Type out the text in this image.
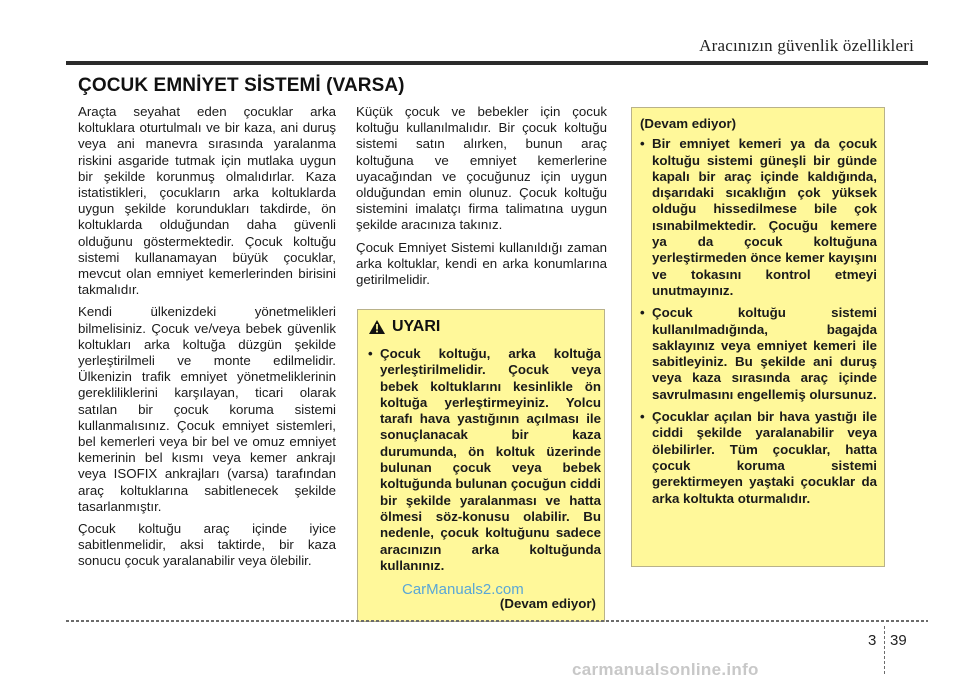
Aracınızın güvenlik özellikleri
ÇOCUK EMNİYET SİSTEMİ (VARSA)

Araçta seyahat eden çocuklar arka koltuklara oturtulmalı ve bir kaza, ani duruş veya ani manevra sırasında yaralanma riskini asgaride tutmak için mutlaka uygun bir şekilde korunmuş olmalıdırlar. Kaza istatistikleri, çocukların arka koltuklarda uygun şekilde korundukları takdirde, ön koltuklarda olduğundan daha güvenli olduğunu göstermektedir. Çocuk koltuğu sistemi kullanamayan büyük çocuklar, mevcut olan emniyet kemerlerinden birisini takmalıdır.

Kendi ülkenizdeki yönetmelikleri bilmelisiniz. Çocuk ve/veya bebek güvenlik koltukları arka koltuğa düzgün şekilde yerleştirilmeli ve monte edilmelidir. Ülkenizin trafik emniyet yönetmeliklerinin gerekliliklerini karşılayan, ticari olarak satılan bir çocuk koruma sistemi kullanmalısınız. Çocuk emniyet sistemleri, bel kemerleri veya bir bel ve omuz emniyet kemerinin bel kısmı veya kemer ankrajı veya ISOFIX ankrajları (varsa) tarafından araç koltuklarına sabitlenecek şekilde tasarlanmıştır.

Çocuk koltuğu araç içinde iyice sabitlenmelidir, aksi taktirde, bir kaza sonucu çocuk yaralanabilir veya ölebilir.

Küçük çocuk ve bebekler için çocuk koltuğu kullanılmalıdır. Bir çocuk koltuğu sistemi satın alırken, bunun araç koltuğuna ve emniyet kemerlerine uyacağından ve çocuğunuz için uygun olduğundan emin olunuz. Çocuk koltuğu sistemini imalatçı firma talimatına uygun şekilde aracınıza takınız.

Çocuk Emniyet Sistemi kullanıldığı zaman arka koltuklar, kendi en arka konumlarına getirilmelidir.

UYARI
• Çocuk koltuğu, arka koltuğa yerleştirilmelidir. Çocuk veya bebek koltuklarını kesinlikle ön koltuğa yerleştirmeyiniz. Yolcu tarafı hava yastığının açılması ile sonuçlanacak bir kaza durumunda, ön koltuk üzerinde bulunan çocuk veya bebek koltuğunda bulunan çocuğun ciddi bir şekilde yaralanması ve hatta ölmesi söz-konusu olabilir. Bu nedenle, çocuk koltuğunu sadece aracınızın arka koltuğunda kullanınız.
(Devam ediyor)
CarManuals2.com
(Devam ediyor)
• Bir emniyet kemeri ya da çocuk koltuğu sistemi güneşli bir günde kapalı bir araç içinde kaldığında, dışarıdaki sıcaklığın çok yüksek olduğu hissedilmese bile çok ısınabilmektedir. Çocuğu kemere ya da çocuk koltuğuna yerleştirmeden önce kemer kayışını ve tokasını kontrol etmeyi unutmayınız.
• Çocuk koltuğu sistemi kullanılmadığında, bagajda saklayınız veya emniyet kemeri ile sabitleyiniz. Bu şekilde ani duruş veya kaza sırasında araç içinde savrulmasını engellemiş olursunuz.
• Çocuklar açılan bir hava yastığı ile ciddi şekilde yaralanabilir veya ölebilirler. Tüm çocuklar, hatta çocuk koruma sistemi gerektirmeyen yaştaki çocuklar da arka koltukta oturmalıdır.
3 39
carmanualsonline.info
